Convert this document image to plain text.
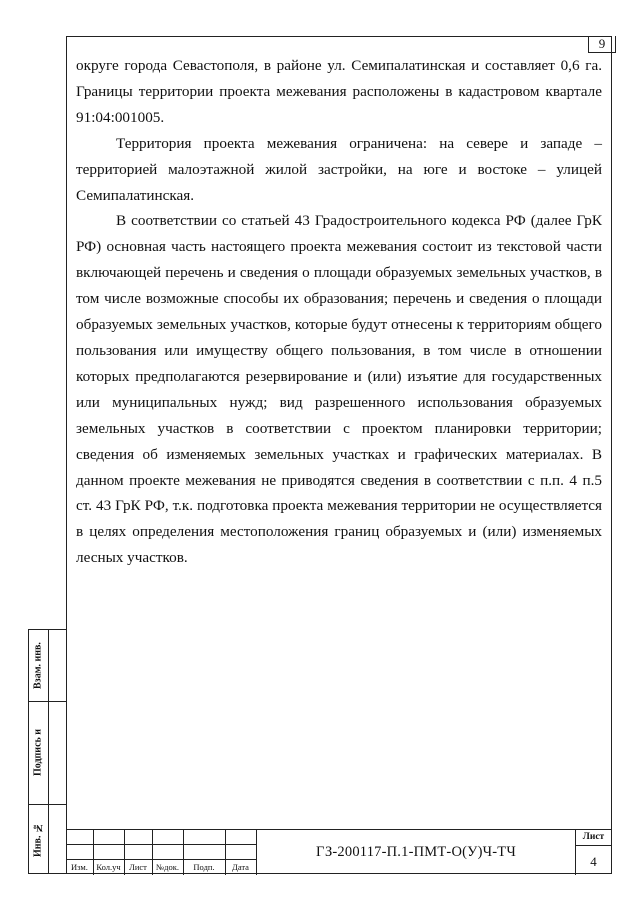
9

округе города Севастополя, в районе ул. Семипалатинская и составляет 0,6 га. Границы территории проекта межевания расположены в кадастровом квартале 91:04:001005.

Территория проекта межевания ограничена: на севере и западе – территорией малоэтажной жилой застройки, на юге и востоке – улицей Семипалатинская.

В соответствии со статьей 43 Градостроительного кодекса РФ (далее ГрК РФ) основная часть настоящего проекта межевания состоит из текстовой части включающей перечень и сведения о площади образуемых земельных участков, в том числе возможные способы их образования; перечень и сведения о площади образуемых земельных участков, которые будут отнесены к территориям общего пользования или имуществу общего пользования, в том числе в отношении которых предполагаются резервирование и (или) изъятие для государственных или муниципальных нужд; вид разрешенного использования образуемых земельных участков в соответствии с проектом планировки территории; сведения об изменяемых земельных участках и графических материалах. В данном проекте межевания не приводятся сведения в соответствии с п.п. 4 п.5 ст. 43 ГрК РФ, т.к. подготовка проекта межевания территории не осуществляется в целях определения местоположения границ образуемых и (или) изменяемых лесных участков.

Взам. инв.
Подпись и
Инв. №
Изм. Кол.уч Лист	№док.	Подп.	Дата
ГЗ-200117-П.1-ПМТ-О(У)Ч-ТЧ
Лист
4
